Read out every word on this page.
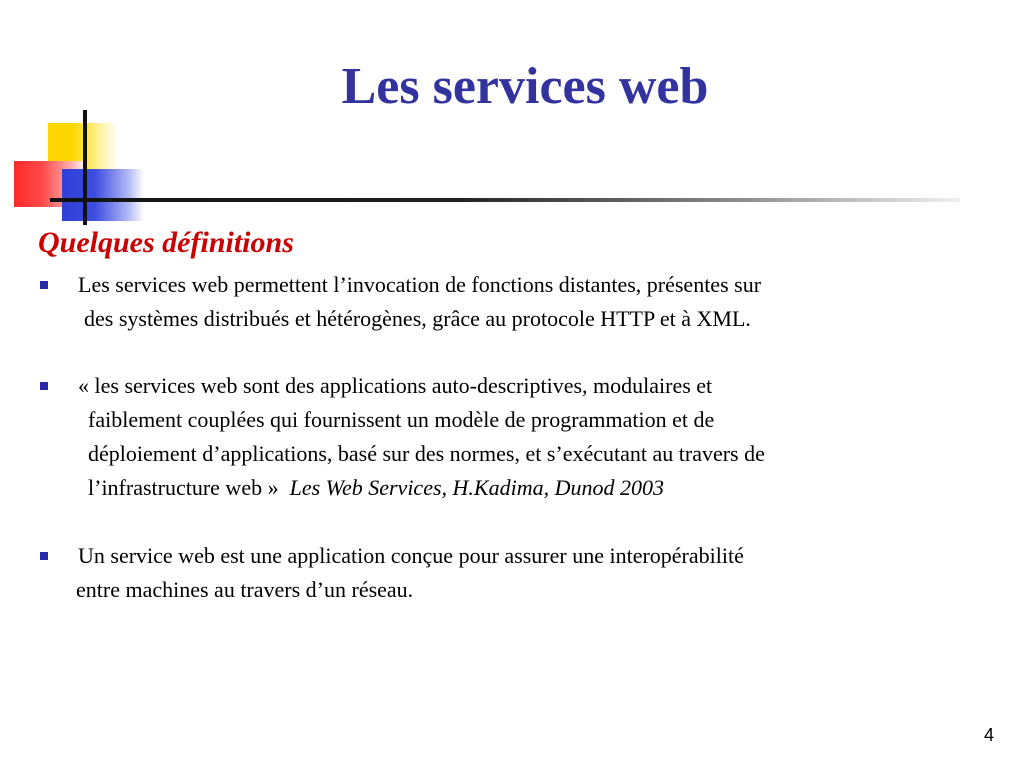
Les services web
Quelques définitions
Les services web permettent l’invocation de fonctions distantes, présentes sur
des systèmes distribués et hétérogènes, grâce au protocole HTTP et à XML.
« les services web sont des applications auto-descriptives, modulaires et
faiblement couplées qui fournissent un modèle de programmation et de
déploiement d’applications, basé sur des normes, et s’exécutant au travers de
l’infrastructure web » Les Web Services, H.Kadima, Dunod 2003
Un service web est une application conçue pour assurer une interopérabilité
entre machines au travers d’un réseau.
4
